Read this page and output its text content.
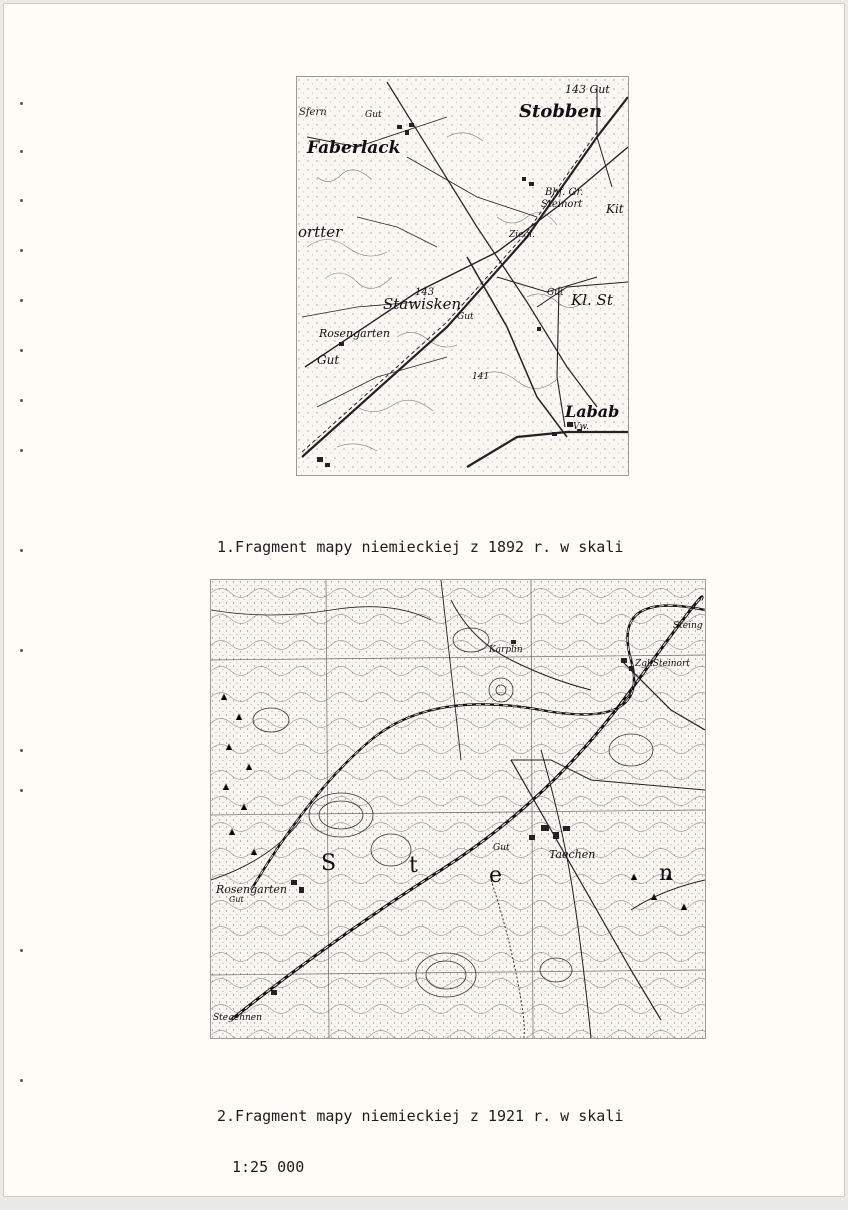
143 Gut
Stobben
Sfern	Gut
Faberlack
Bhf. Gr.
Steinort Kit
Ziegl.
ortter
Gut Kl. St
143
Stawisken
Gut
Rosengarten
Gut
141
Labab
Vw.

1.Fragment mapy niemieckiej z 1892 r. w skali

Steing
Zgl.Steinort
Karplin
Rosengarten
Gut
Gut	Taechen
S	t	e	n
Stegehnen

2.Fragment mapy niemieckiej z 1921 r. w skali

1:25 000
